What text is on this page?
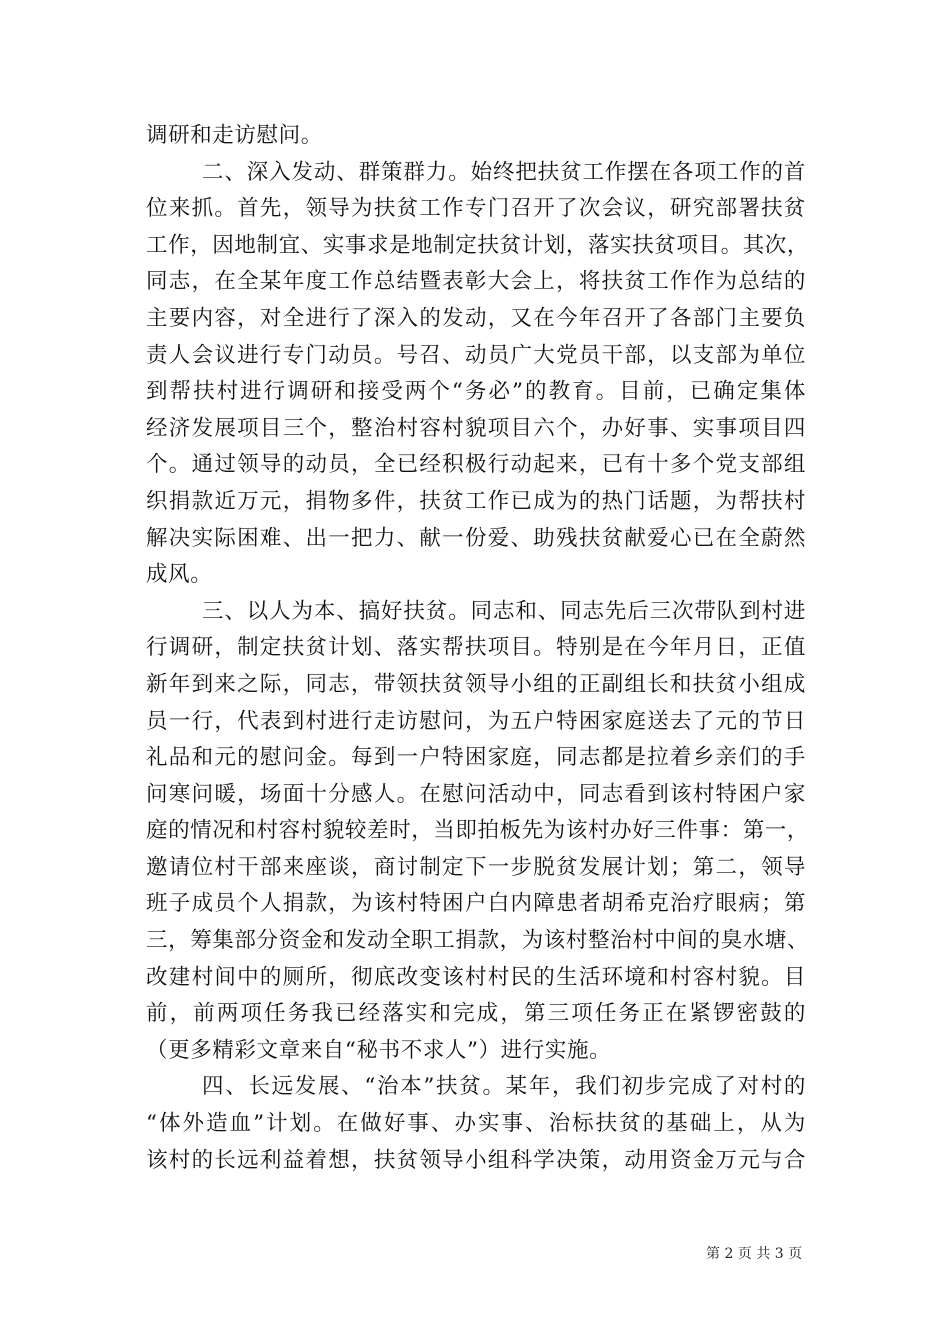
调研和走访慰问。
二、深入发动、群策群力。始终把扶贫工作摆在各项工作的首
位来抓。首先，领导为扶贫工作专门召开了次会议，研究部署扶贫
工作，因地制宜、实事求是地制定扶贫计划，落实扶贫项目。其次，
同志，在全某年度工作总结暨表彰大会上，将扶贫工作作为总结的
主要内容，对全进行了深入的发动，又在今年召开了各部门主要负
责人会议进行专门动员。号召、动员广大党员干部，以支部为单位
到帮扶村进行调研和接受两个“务必”的教育。目前，已确定集体
经济发展项目三个，整治村容村貌项目六个，办好事、实事项目四
个。通过领导的动员，全已经积极行动起来，已有十多个党支部组
织捐款近万元，捐物多件，扶贫工作已成为的热门话题，为帮扶村
解决实际困难、出一把力、献一份爱、助残扶贫献爱心已在全蔚然
成风。
三、以人为本、搞好扶贫。同志和、同志先后三次带队到村进
行调研，制定扶贫计划、落实帮扶项目。特别是在今年月日，正值
新年到来之际，同志，带领扶贫领导小组的正副组长和扶贫小组成
员一行，代表到村进行走访慰问，为五户特困家庭送去了元的节日
礼品和元的慰问金。每到一户特困家庭，同志都是拉着乡亲们的手
问寒问暖，场面十分感人。在慰问活动中，同志看到该村特困户家
庭的情况和村容村貌较差时，当即拍板先为该村办好三件事：第一，
邀请位村干部来座谈，商讨制定下一步脱贫发展计划；第二，领导
班子成员个人捐款，为该村特困户白内障患者胡希克治疗眼病；第
三，筹集部分资金和发动全职工捐款，为该村整治村中间的臭水塘、
改建村间中的厕所，彻底改变该村村民的生活环境和村容村貌。目
前，前两项任务我已经落实和完成，第三项任务正在紧锣密鼓的
（更多精彩文章来自“秘书不求人”）进行实施。
四、长远发展、“治本”扶贫。某年，我们初步完成了对村的
“体外造血”计划。在做好事、办实事、治标扶贫的基础上，从为
该村的长远利益着想，扶贫领导小组科学决策，动用资金万元与合
第 2 页 共 3 页
